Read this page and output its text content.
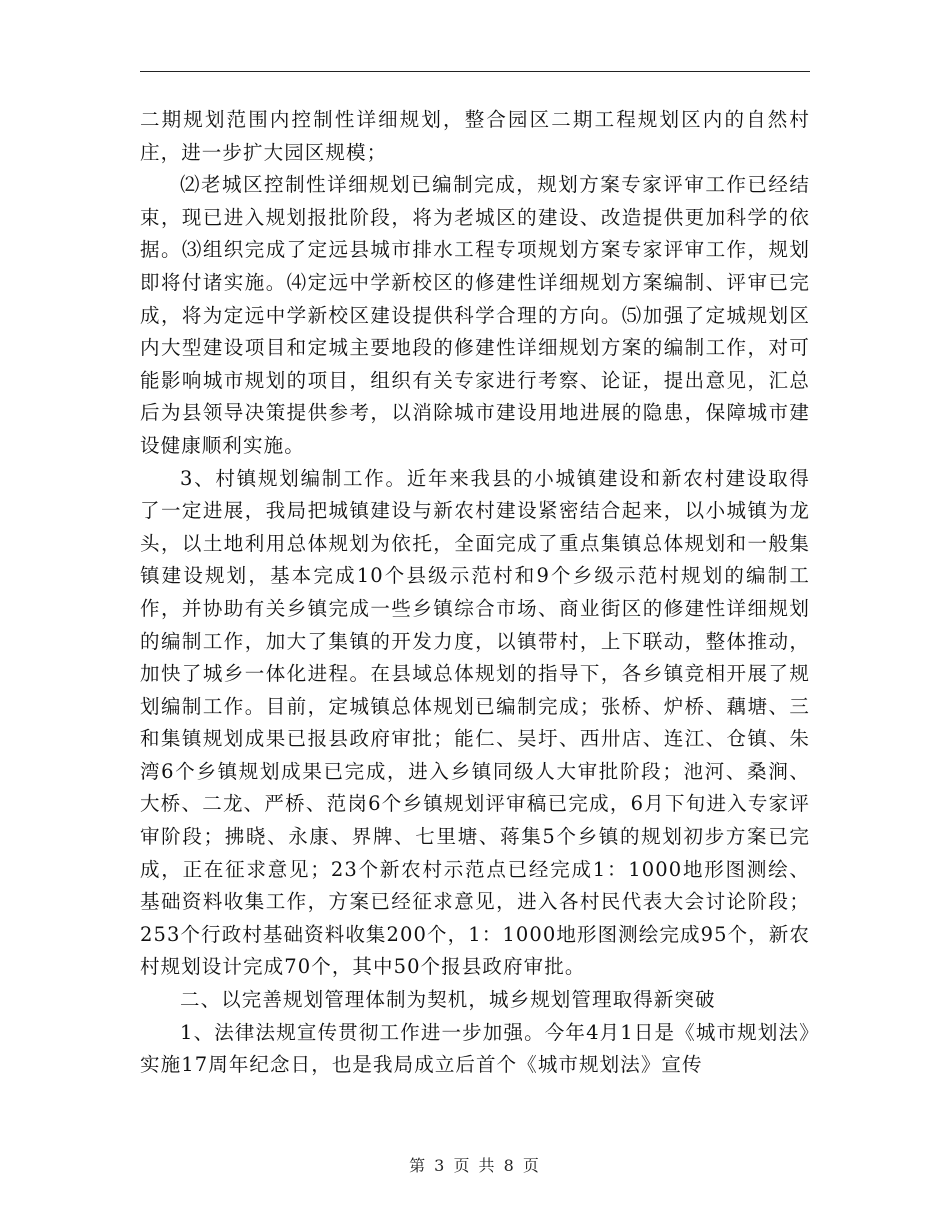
二期规划范围内控制性详细规划，整合园区二期工程规划区内的自然村庄，进一步扩大园区规模；

⑵老城区控制性详细规划已编制完成，规划方案专家评审工作已经结束，现已进入规划报批阶段，将为老城区的建设、改造提供更加科学的依据。⑶组织完成了定远县城市排水工程专项规划方案专家评审工作，规划即将付诸实施。⑷定远中学新校区的修建性详细规划方案编制、评审已完成，将为定远中学新校区建设提供科学合理的方向。⑸加强了定城规划区内大型建设项目和定城主要地段的修建性详细规划方案的编制工作，对可能影响城市规划的项目，组织有关专家进行考察、论证，提出意见，汇总后为县领导决策提供参考，以消除城市建设用地进展的隐患，保障城市建设健康顺利实施。

3、村镇规划编制工作。近年来我县的小城镇建设和新农村建设取得了一定进展，我局把城镇建设与新农村建设紧密结合起来，以小城镇为龙头，以土地利用总体规划为依托，全面完成了重点集镇总体规划和一般集镇建设规划，基本完成10个县级示范村和9个乡级示范村规划的编制工作，并协助有关乡镇完成一些乡镇综合市场、商业街区的修建性详细规划的编制工作，加大了集镇的开发力度，以镇带村，上下联动，整体推动，加快了城乡一体化进程。在县域总体规划的指导下，各乡镇竞相开展了规划编制工作。目前，定城镇总体规划已编制完成；张桥、炉桥、藕塘、三和集镇规划成果已报县政府审批；能仁、吴圩、西卅店、连江、仓镇、朱湾6个乡镇规划成果已完成，进入乡镇同级人大审批阶段；池河、桑涧、大桥、二龙、严桥、范岗6个乡镇规划评审稿已完成，6月下旬进入专家评审阶段；拂晓、永康、界牌、七里塘、蒋集5个乡镇的规划初步方案已完成，正在征求意见；23个新农村示范点已经完成1：1000地形图测绘、基础资料收集工作，方案已经征求意见，进入各村民代表大会讨论阶段；253个行政村基础资料收集200个，1：1000地形图测绘完成95个，新农村规划设计完成70个，其中50个报县政府审批。

二、以完善规划管理体制为契机，城乡规划管理取得新突破

1、法律法规宣传贯彻工作进一步加强。今年4月1日是《城市规划法》实施17周年纪念日，也是我局成立后首个《城市规划法》宣传

第 3 页 共 8 页
